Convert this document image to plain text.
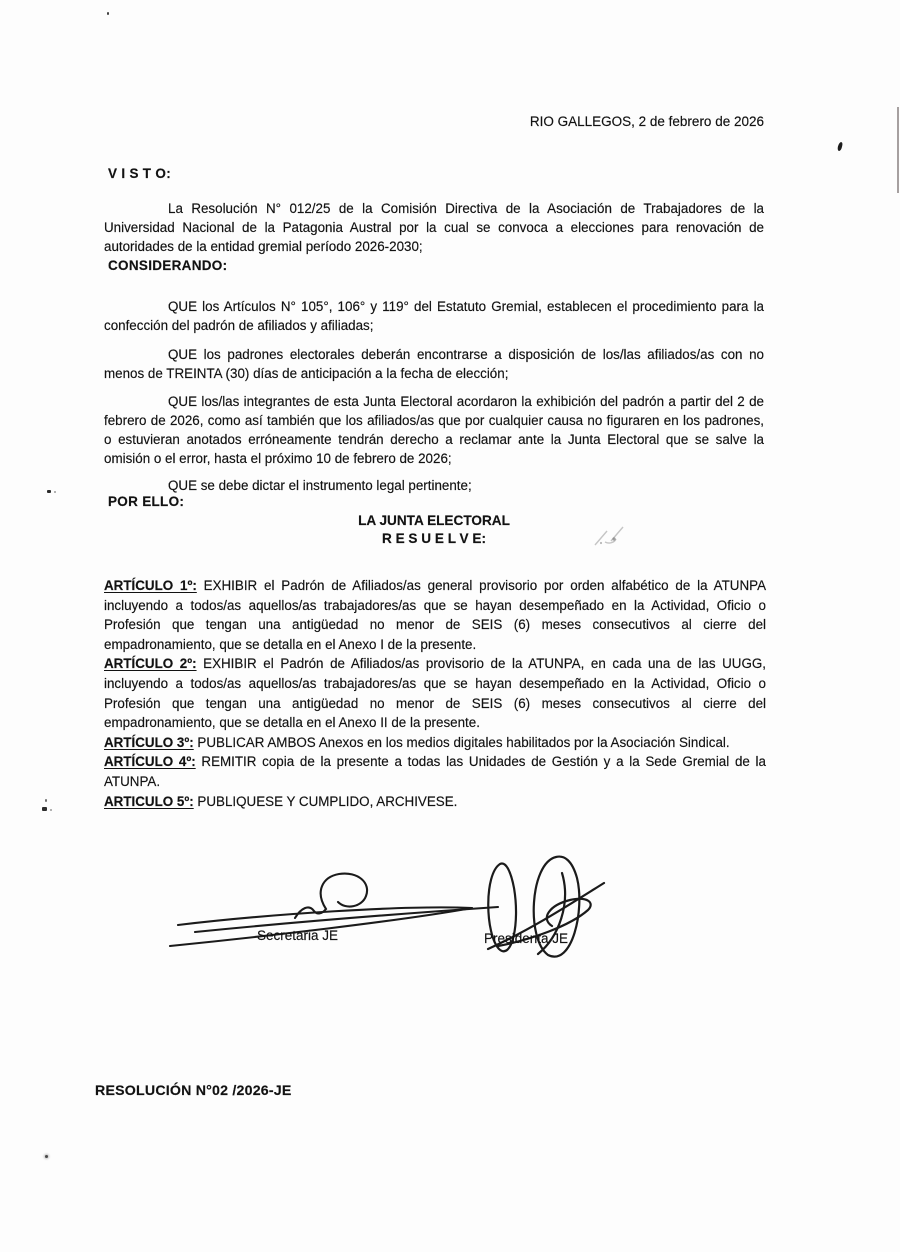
RIO GALLEGOS, 2 de febrero de 2026
V I S T O:

La Resolución N° 012/25 de la Comisión Directiva de la Asociación de Trabajadores de la Universidad Nacional de la Patagonia Austral por la cual se convoca a elecciones para renovación de autoridades de la entidad gremial período 2026-2030;

CONSIDERANDO:

QUE los Artículos N° 105°, 106° y 119° del Estatuto Gremial, establecen el procedimiento para la confección del padrón de afiliados y afiliadas;

QUE los padrones electorales deberán encontrarse a disposición de los/las afiliados/as con no menos de TREINTA (30) días de anticipación a la fecha de elección;

QUE los/las integrantes de esta Junta Electoral acordaron la exhibición del padrón a partir del 2 de febrero de 2026, como así también que los afiliados/as que por cualquier causa no figuraren en los padrones, o estuvieran anotados erróneamente tendrán derecho a reclamar ante la Junta Electoral que se salve la omisión o el error, hasta el próximo 10 de febrero de 2026;

QUE se debe dictar el instrumento legal pertinente;

POR ELLO:
LA JUNTA ELECTORAL
R E S U E L V E:

ARTÍCULO 1º: EXHIBIR el Padrón de Afiliados/as general provisorio por orden alfabético de la ATUNPA incluyendo a todos/as aquellos/as trabajadores/as que se hayan desempeñado en la Actividad, Oficio o Profesión que tengan una antigüedad no menor de SEIS (6) meses consecutivos al cierre del empadronamiento, que se detalla en el Anexo I de la presente.

ARTÍCULO 2º: EXHIBIR el Padrón de Afiliados/as provisorio de la ATUNPA, en cada una de las UUGG, incluyendo a todos/as aquellos/as trabajadores/as que se hayan desempeñado en la Actividad, Oficio o Profesión que tengan una antigüedad no menor de SEIS (6) meses consecutivos al cierre del empadronamiento, que se detalla en el Anexo II de la presente.

ARTÍCULO 3º: PUBLICAR AMBOS Anexos en los medios digitales habilitados por la Asociación Sindical.

ARTÍCULO 4º: REMITIR copia de la presente a todas las Unidades de Gestión y a la Sede Gremial de la ATUNPA.

ARTICULO 5º: PUBLIQUESE Y CUMPLIDO, ARCHIVESE.

Secretaria JE	Presidenta JE
RESOLUCIÓN N°02 /2026-JE
